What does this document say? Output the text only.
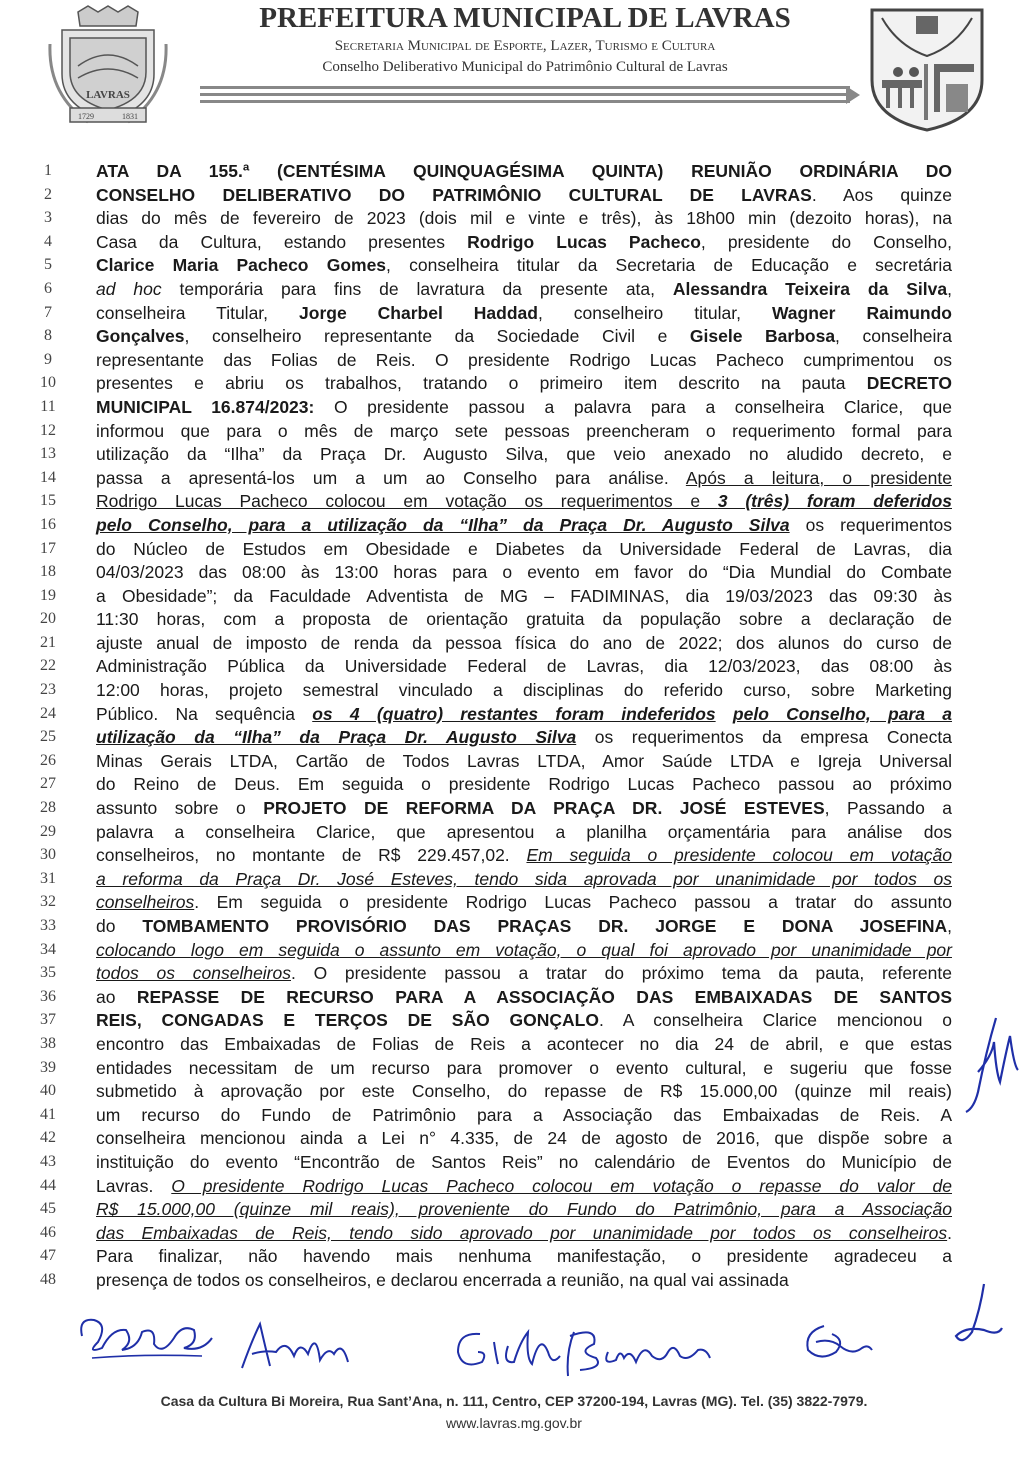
LAVRAS
1729	1831
PREFEITURA MUNICIPAL DE LAVRAS
Secretaria Municipal de Esporte, Lazer, Turismo e Cultura
Conselho Deliberativo Municipal do Patrimônio Cultural de Lavras
1	ATA DA 155.ª (CENTÉSIMA QUINQUAGÉSIMA QUINTA) REUNIÃO ORDINÁRIA DO
2	CONSELHO DELIBERATIVO DO PATRIMÔNIO CULTURAL DE LAVRAS. Aos quinze
3	dias do mês de fevereiro de 2023 (dois mil e vinte e três), às 18h00 min (dezoito horas), na
4	Casa da Cultura, estando presentes Rodrigo Lucas Pacheco, presidente do Conselho,
5	Clarice Maria Pacheco Gomes, conselheira titular da Secretaria de Educação e secretária
6	ad hoc temporária para fins de lavratura da presente ata, Alessandra Teixeira da Silva,
7	conselheira Titular, Jorge Charbel Haddad, conselheiro titular, Wagner Raimundo
8	Gonçalves, conselheiro representante da Sociedade Civil e Gisele Barbosa, conselheira
9	representante das Folias de Reis. O presidente Rodrigo Lucas Pacheco cumprimentou os
10	presentes e abriu os trabalhos, tratando o primeiro item descrito na pauta DECRETO
11	MUNICIPAL 16.874/2023: O presidente passou a palavra para a conselheira Clarice, que
12	informou que para o mês de março sete pessoas preencheram o requerimento formal para
13	utilização da “Ilha” da Praça Dr. Augusto Silva, que veio anexado no aludido decreto, e
14	passa a apresentá-los um a um ao Conselho para análise. Após a leitura, o presidente
15	Rodrigo Lucas Pacheco colocou em votação os requerimentos e 3 (três) foram deferidos
16	pelo Conselho, para a utilização da “Ilha” da Praça Dr. Augusto Silva os requerimentos
17	do Núcleo de Estudos em Obesidade e Diabetes da Universidade Federal de Lavras, dia
18	04/03/2023 das 08:00 às 13:00 horas para o evento em favor do “Dia Mundial do Combate
19	a Obesidade”; da Faculdade Adventista de MG – FADIMINAS, dia 19/03/2023 das 09:30 às
20	11:30 horas, com a proposta de orientação gratuita da população sobre a declaração de
21	ajuste anual de imposto de renda da pessoa física do ano de 2022; dos alunos do curso de
22	Administração Pública da Universidade Federal de Lavras, dia 12/03/2023, das 08:00 às
23	12:00 horas, projeto semestral vinculado a disciplinas do referido curso, sobre Marketing
24	Público. Na sequência os 4 (quatro) restantes foram indeferidos pelo Conselho, para a
25	utilização da “Ilha” da Praça Dr. Augusto Silva os requerimentos da empresa Conecta
26	Minas Gerais LTDA, Cartão de Todos Lavras LTDA, Amor Saúde LTDA e Igreja Universal
27	do Reino de Deus. Em seguida o presidente Rodrigo Lucas Pacheco passou ao próximo
28	assunto sobre o PROJETO DE REFORMA DA PRAÇA DR. JOSÉ ESTEVES, Passando a
29	palavra a conselheira Clarice, que apresentou a planilha orçamentária para análise dos
30	conselheiros, no montante de R$ 229.457,02. Em seguida o presidente colocou em votação
31	a reforma da Praça Dr. José Esteves, tendo sida aprovada por unanimidade por todos os
32	conselheiros. Em seguida o presidente Rodrigo Lucas Pacheco passou a tratar do assunto
33	do TOMBAMENTO PROVISÓRIO DAS PRAÇAS DR. JORGE E DONA JOSEFINA,
34	colocando logo em seguida o assunto em votação, o qual foi aprovado por unanimidade por
35	todos os conselheiros. O presidente passou a tratar do próximo tema da pauta, referente
36	ao REPASSE DE RECURSO PARA A ASSOCIAÇÃO DAS EMBAIXADAS DE SANTOS
37	REIS, CONGADAS E TERÇOS DE SÃO GONÇALO. A conselheira Clarice mencionou o
38	encontro das Embaixadas de Folias de Reis a acontecer no dia 24 de abril, e que estas
39	entidades necessitam de um recurso para promover o evento cultural, e sugeriu que fosse
40	submetido à aprovação por este Conselho, do repasse de R$ 15.000,00 (quinze mil reais)
41	um recurso do Fundo de Patrimônio para a Associação das Embaixadas de Reis. A
42	conselheira mencionou ainda a Lei n° 4.335, de 24 de agosto de 2016, que dispõe sobre a
43	instituição do evento “Encontrão de Santos Reis” no calendário de Eventos do Município de
44	Lavras. O presidente Rodrigo Lucas Pacheco colocou em votação o repasse do valor de
45	R$ 15.000,00 (quinze mil reais), proveniente do Fundo do Patrimônio, para a Associação
46	das Embaixadas de Reis, tendo sido aprovado por unanimidade por todos os conselheiros.
47	Para finalizar, não havendo mais nenhuma manifestação, o presidente agradeceu a
48	presença de todos os conselheiros, e declarou encerrada a reunião, na qual vai assinada
Casa da Cultura Bi Moreira, Rua Sant’Ana, n. 111, Centro, CEP 37200-194, Lavras (MG). Tel. (35) 3822-7979.
www.lavras.mg.gov.br
